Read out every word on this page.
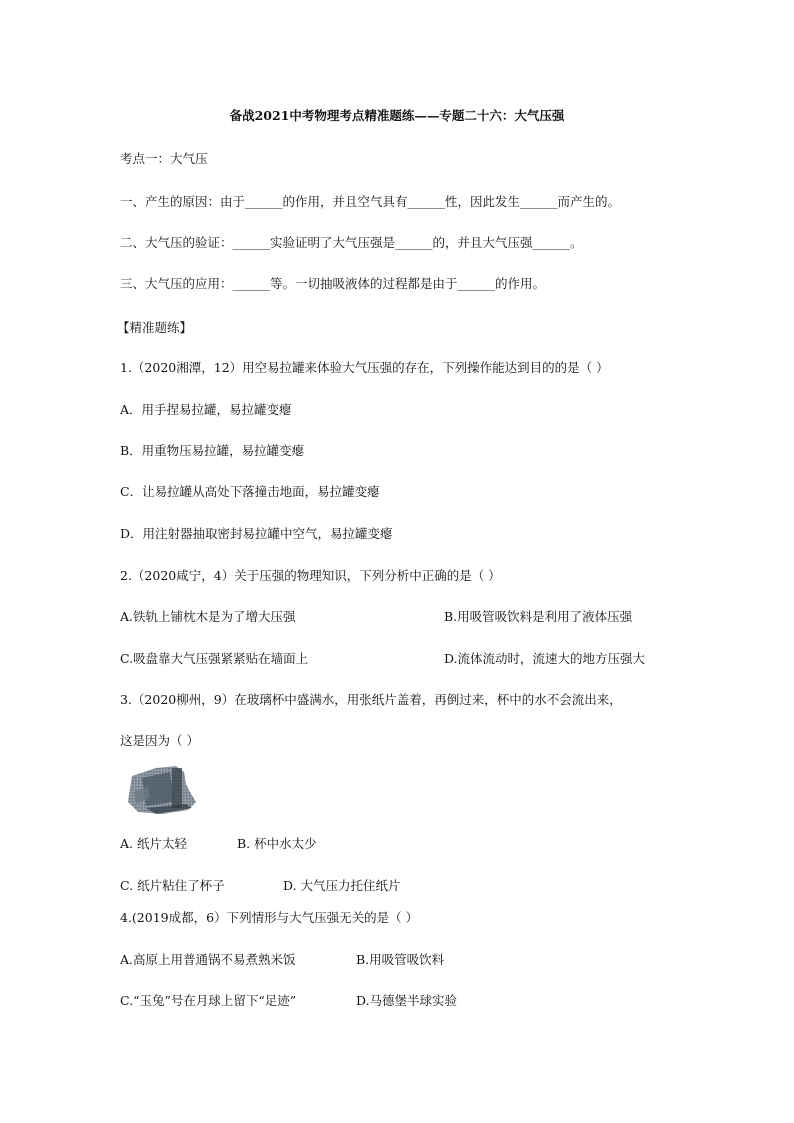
备战2021中考物理考点精准题练——专题二十六：大气压强
考点一：大气压
一、产生的原因：由于______的作用，并且空气具有______性，因此发生______而产生的。
二、大气压的验证：______实验证明了大气压强是______的，并且大气压强______。
三、大气压的应用：______等。一切抽吸液体的过程都是由于______的作用。
【精准题练】
1.（2020湘潭，12）用空易拉罐来体验大气压强的存在，下列操作能达到目的的是（ ）
A．用手捏易拉罐，易拉罐变瘪
B．用重物压易拉罐，易拉罐变瘪
C．让易拉罐从高处下落撞击地面，易拉罐变瘪
D．用注射器抽取密封易拉罐中空气，易拉罐变瘪
2.（2020咸宁，4）关于压强的物理知识，下列分析中正确的是（ ）
A.铁轨上铺枕木是为了增大压强	B.用吸管吸饮料是利用了液体压强
C.吸盘靠大气压强紧紧贴在墙面上	D.流体流动时，流速大的地方压强大
3.（2020柳州，9）在玻璃杯中盛满水，用张纸片盖着，再倒过来，杯中的水不会流出来，
这是因为（ ）
A. 纸片太轻	B. 杯中水太少
C. 纸片粘住了杯子	D. 大气压力托住纸片
4.(2019成都，6）下列情形与大气压强无关的是（ ）
A.高原上用普通锅不易煮熟米饭	B.用吸管吸饮料
C.“玉兔”号在月球上留下“足迹”	D.马德堡半球实验
